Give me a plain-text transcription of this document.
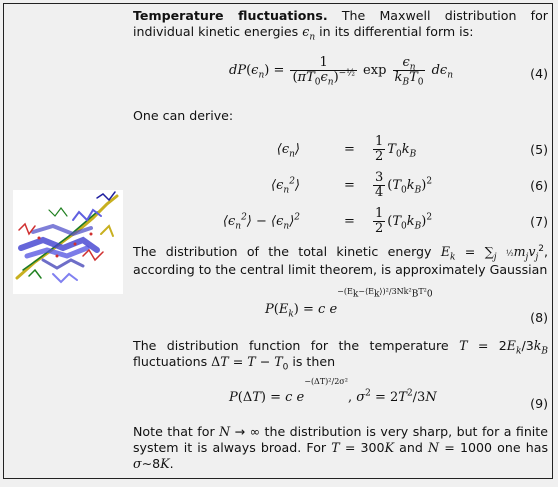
Temperature fluctuations. The Maxwell distribution for individual kinetic energies $\epsilon_n$ in its differential form is:
$dP(\epsilon_n) = \frac{1}{(\pi T_0\epsilon_n)^{-\frac{1}{2}}}$ $\exp \frac{\epsilon_n}{k_BT_0} d\epsilon_n$	(4)
One can derive:
$⟨\epsilon_n⟩$	= $\frac{1}{2} T_0k_B$	(5)
$⟨\epsilon_n^2⟩$	= $\frac{3}{4} (T_0k_B)^2$	(6)
$⟨\epsilon_n^2⟩$ − $⟨\epsilon_n⟩^2$	= $\frac{1}{2} (T_0k_B)^2$	(7)
The distribution of the total kinetic energy $E_k = \sum_j$ $\frac{1}{2}m_jv_j^2$, according to the central limit theorem, is approximately Gaussian
$P(E_k) = c$ $e^{-(E_k-⟨E_k⟩)^2/3Nk^2_BT^2_0}$
(8)
The distribution function for the temperature $T = 2E_k/3k_B$ fluctuations $\Delta T = T - T_0$ is then
P(ΔT) = c $e^{-(\Delta T)^2/2\sigma^2}$, $\sigma^2 = 2T^2/3N$	(9)
Note that for N → ∞ the distribution is very sharp, but for a finite system it is always broad. For T = 300K and N = 1000 one has σ∼8K.
